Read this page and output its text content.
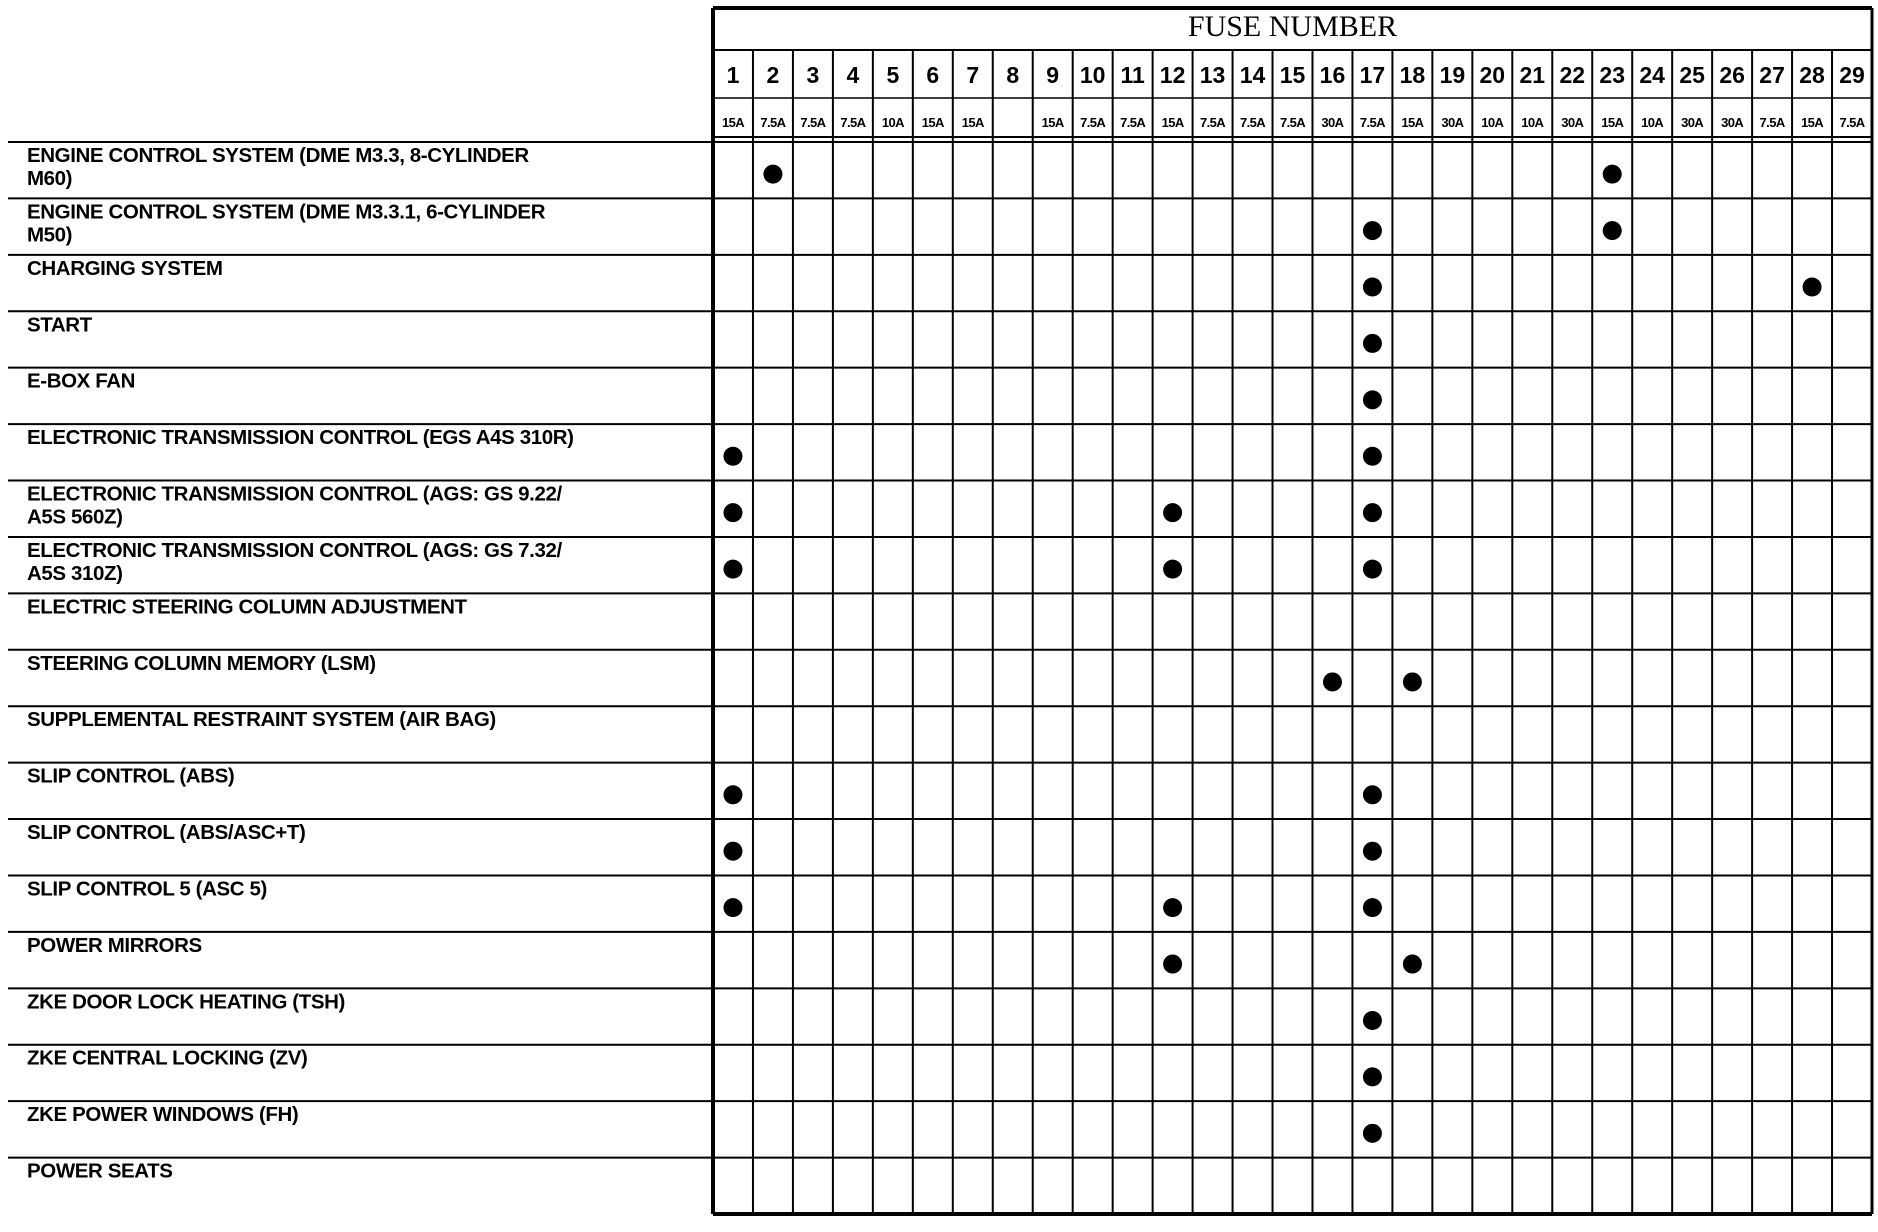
FUSE NUMBER
1
15A
2
7.5A
3
7.5A
4
7.5A
5
10A
6
15A
7
15A
8 9
15A
10
7.5A
11
7.5A
12
15A
13
7.5A
14
7.5A
15
7.5A
16
30A
17
7.5A
18
15A
19
30A
20
10A
21
10A
22
30A
23
15A
24
10A
25
30A
26
30A
27
7.5A
28
15A
29
7.5A
ENGINE CONTROL SYSTEM (DME M3.3, 8-CYLINDER
M60)
ENGINE CONTROL SYSTEM (DME M3.3.1, 6-CYLINDER
M50)
CHARGING SYSTEM
START
E-BOX FAN
ELECTRONIC TRANSMISSION CONTROL (EGS A4S 310R)
ELECTRONIC TRANSMISSION CONTROL (AGS: GS 9.22/
A5S 560Z)
ELECTRONIC TRANSMISSION CONTROL (AGS: GS 7.32/
A5S 310Z)
ELECTRIC STEERING COLUMN ADJUSTMENT
STEERING COLUMN MEMORY (LSM)
SUPPLEMENTAL RESTRAINT SYSTEM (AIR BAG)
SLIP CONTROL (ABS)
SLIP CONTROL (ABS/ASC+T)
SLIP CONTROL 5 (ASC 5)
POWER MIRRORS
ZKE DOOR LOCK HEATING (TSH)
ZKE CENTRAL LOCKING (ZV)
ZKE POWER WINDOWS (FH)
POWER SEATS
